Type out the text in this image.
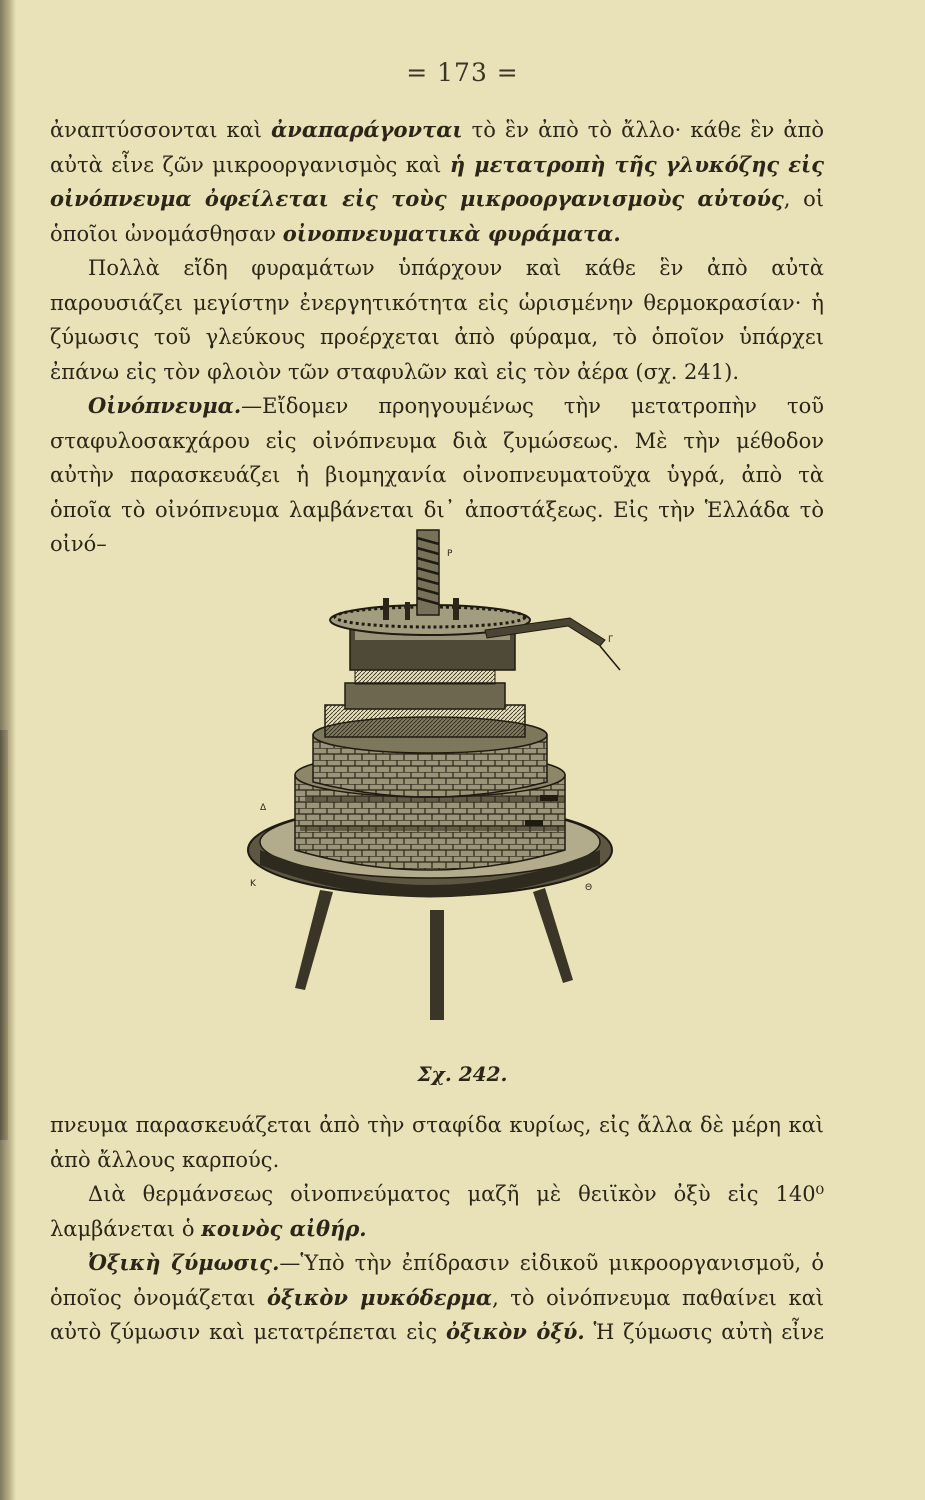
= 173 =

ἀναπτύσσονται καὶ ἀναπαράγονται τὸ ἓν ἀπὸ τὸ ἄλλο· κάθε ἓν ἀπὸ αὐτὰ εἶνε ζῶν μικροοργανισμὸς καὶ ἡ μετατροπὴ τῆς γλυκόζης εἰς οἰνόπνευμα ὀφείλεται εἰς τοὺς μικροοργανισμοὺς αὐτούς, οἱ ὁποῖοι ὠνομάσθησαν οἰνοπνευματικὰ φυράματα.

Πολλὰ εἴδη φυραμάτων ὑπάρχουν καὶ κάθε ἓν ἀπὸ αὐτὰ παρουσιάζει μεγίστην ἐνεργητικότητα εἰς ὡρισμένην θερμοκρασίαν· ἡ ζύμωσις τοῦ γλεύκους προέρχεται ἀπὸ φύραμα, τὸ ὁποῖον ὑπάρχει ἐπάνω εἰς τὸν φλοιὸν τῶν σταφυλῶν καὶ εἰς τὸν ἀέρα (σχ. 241).

Οἰνόπνευμα.—Εἴδομεν προηγουμένως τὴν μετατροπὴν τοῦ σταφυλοσακχάρου εἰς οἰνόπνευμα διὰ ζυμώσεως. Μὲ τὴν μέθοδον αὐτὴν παρασκευάζει ἡ βιομηχανία οἰνοπνευματοῦχα ὑγρά, ἀπὸ τὰ ὁποῖα τὸ οἰνόπνευμα λαμβάνεται δι᾽ ἀποστάξεως. Εἰς τὴν Ἑλλάδα τὸ οἰνό–	P
Γ
Δ
Κ	Θ
Σχ. 242.

πνευμα παρασκευάζεται ἀπὸ τὴν σταφίδα κυρίως, εἰς ἄλλα δὲ μέρη καὶ ἀπὸ ἄλλους καρπούς.

Διὰ θερμάνσεως οἰνοπνεύματος μαζῆ μὲ θειϊκὸν ὀξὺ εἰς 140⁰ λαμβάνεται ὁ κοινὸς αἰθήρ.

Ὀξικὴ ζύμωσις.—Ὑπὸ τὴν ἐπίδρασιν εἰδικοῦ μικροοργανισμοῦ, ὁ ὁποῖος ὀνομάζεται ὀξικὸν μυκόδερμα, τὸ οἰνόπνευμα παθαίνει καὶ αὐτὸ ζύμωσιν καὶ μετατρέπεται εἰς ὀξικὸν ὀξύ. Ἡ ζύμωσις αὐτὴ εἶνε
